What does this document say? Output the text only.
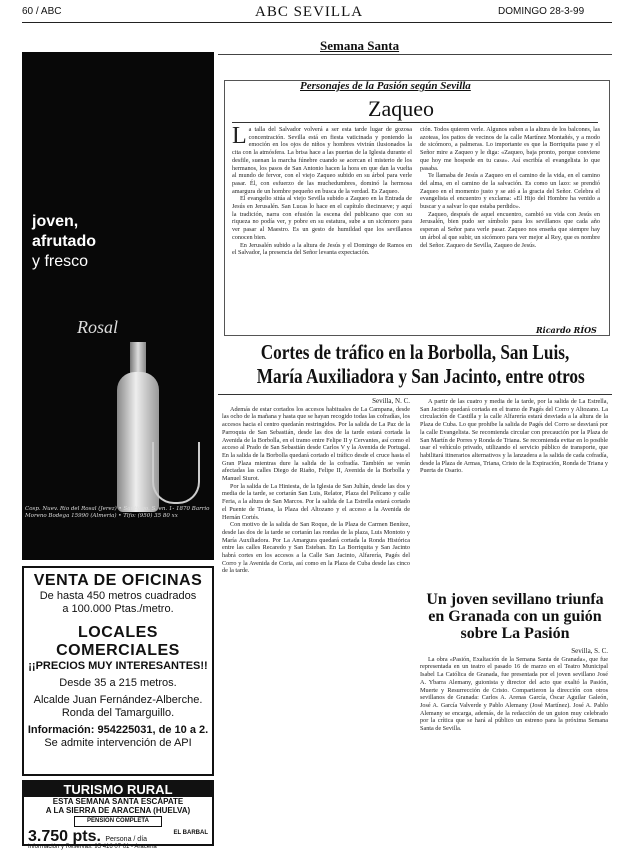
60 / ABC	ABC SEVILLA	DOMINGO 28-3-99
joven,
afrutado
y fresco
Rosal
Cosp. Nuev. Rio del Rosal (Jerez) • Santiago. S. en. 1- 1870 Barrio Moreno Bodega 15990 (Almeria) • Tlfo: (950) 35 80 xx
VENTA DE OFICINAS
De hasta 450 metros cuadrados
a 100.000 Ptas./metro.
LOCALES COMERCIALES
¡¡PRECIOS MUY INTERESANTES!!
Desde 35 a 215 metros.
Alcalde Juan Fernández-Alberche.
Ronda del Tamarguillo.
Información: 954225031, de 10 a 2.
Se admite intervención de API
TURISMO RURAL
ESTA SEMANA SANTA ESCÁPATE
A LA SIERRA DE ARACENA (HUELVA)
PENSIÓN COMPLETA
3.750 pts. Persona / día
EL BARBAL
Información y Reservas: 95 416 07 61 - Aracena
Semana Santa
Personajes de la Pasión según Sevilla
Zaqueo
La talla del Salvador volverá a ser esta tarde lugar de gozosa concentración. Sevilla está en fiesta vaticinada y poniendo la emoción en los ojos de niños y hombres vivirán ilusionados la cita con la atmósfera. La brisa hace a las puertas de la Iglesia durante el desfile, suenan la marcha fúnebre cuando se acercan el misterio de los hermanos, los pasos de San Antonio hacen la hora en que dan la vuelta al mundo de fervor, con el viejo Zaqueo subido en su árbol para verle pasar. Él, con esfuerzo de las muchedumbres, dominó la hermosa amargura de un hombre pequeño en busca de la verdad. Es Zaqueo.
El evangelio sitúa al viejo Sevilla subido a Zaqueo en la Entrada de Jesús en Jerusalén. San Lucas lo hace en el capítulo diecinueve; y aquí la tradición, narra con efusión la escena del publicano que con su riqueza no podía ver, y pobre en su estatura, sube a un sicómoro para ver pasar al Maestro. Es un gesto de humildad que los sevillanos conocen bien.
En Jerusalén subido a la altura de Jesús y el Domingo de Ramos en el Salvador, la presencia del Señor levanta expectación.
ción. Todos quieren verle. Algunos suben a la altura de los balcones, las azoteas, los patios de vecinos de la calle Martínez Montañés, y a modo de sicómoro, a palmeras. Lo importante es que la Borriquita pase y el Señor mire a Zaqueo y le diga: «Zaqueo, baja pronto, porque conviene que hoy me hospede en tu casa». Así escribía el evangelista lo que pasaba.
Te llamaba de Jesús a Zaqueo en el camino de la vida, en el camino del alma, en el camino de la salvación. Es como un lazo: se prendió Zaqueo en el momento justo y se ató a la gracia del Señor. Celebra el evangelista el encuentro y exclama: «El Hijo del Hombre ha venido a buscar y a salvar lo que estaba perdido».
Zaqueo, después de aquel encuentro, cambió su vida con Jesús en Jerusalén, bien pudo ser símbolo para los sevillanos que cada año esperan al Señor para verle pasar. Zaqueo nos enseña que siempre hay un árbol al que subir, un sicómoro para ver mejor al Rey, que es nombre del Señor. Zaqueo de Sevilla, Zaqueo de Jesús.
Ricardo RÍOS
Cortes de tráfico en la Borbolla, San Luis,
María Auxiliadora y San Jacinto, entre otros
Sevilla, N. C.
Además de estar cortados los accesos habituales de La Campana, desde las ocho de la mañana y hasta que se hayan recogido todas las cofradías, los accesos hacia el centro quedarán restringidos. Por la salida de La Paz de la Parroquia de San Sebastián, desde las dos de la tarde estará cortada la Avenida de la Borbolla, en el tramo entre Felipe II y Cervantes, así como el acceso al Prado de San Sebastián desde Carlos V y la Avenida de Portugal. En la salida de la Borbolla quedará cortado el tráfico desde el cruce hasta el Gran Plaza mientras dure la salida de la cofradía. También se verán afectadas las calles Diego de Riaño, Felipe II, Avenida de la Borbolla y Manuel Siurot.
Por la salida de La Hiniesta, de la Iglesia de San Julián, desde las dos y media de la tarde, se cortarán San Luis, Relator, Plaza del Pelícano y calle Feria, a la altura de San Marcos. Por la salida de La Estrella estará cortado el Puente de Triana, la Plaza del Altozano y el acceso a la Avenida de Hernán Cortés.
Con motivo de la salida de San Roque, de la Plaza de Carmen Benítez, desde las dos de la tarde se cortarán las rondas de la plaza, Luis Montoto y María Auxiliadora. Por La Amargura quedará cortada la Ronda Histórica entre las calles Recaredo y San Esteban. En La Borriquita y San Jacinto habrá cortes en los accesos a la Calle San Jacinto, Alfarería, Pagés del Corro y la Avenida de Coria, así como en la Plaza de Cuba desde las cinco de la tarde.
A partir de las cuatro y media de la tarde, por la salida de La Estrella, San Jacinto quedará cortada en el tramo de Pagés del Corro y Altozano. La circulación de Castilla y la calle Alfarería estará desviada a la altura de la Plaza de Cuba. Lo que prohibe la salida de Pagés del Corro se desviará por la calle Evangelista. Se recomienda circular con precaución por la Plaza de San Martín de Porres y Ronda de Triana. Se recomienda evitar en lo posible usar el vehículo privado, utilizando el servicio público de transporte, que habilitará itinerarios alternativos y la lanzadera a la salida de cada cofradía, desde la Plaza de Armas, Triana, Cristo de la Expiración, Ronda de Triana y Puerta de Osario.
Un joven sevillano triunfa
en Granada con un guión
sobre La Pasión
Sevilla, S. C.
La obra «Pasión, Exaltación de la Semana Santa de Granada», que fue representada en un teatro el pasado 16 de marzo en el Teatro Municipal Isabel La Católica de Granada, fue presentada por el joven sevillano José A. Ybarra Alemany, guionista y director del acto que exaltó la Pasión, Muerte y Resurrección de Cristo. Compartieron la dirección con otros sevillanos de Granada: Carlos A. Arenas García, Óscar Aguilar Galeón, José A. García Valverde y Pablo Alemany (José Martínez). José A. Pablo Alemany se encarga, además, de la redacción de un guion muy celebrado por la crítica que se hará al público un estreno para la próxima Semana Santa de Sevilla.
